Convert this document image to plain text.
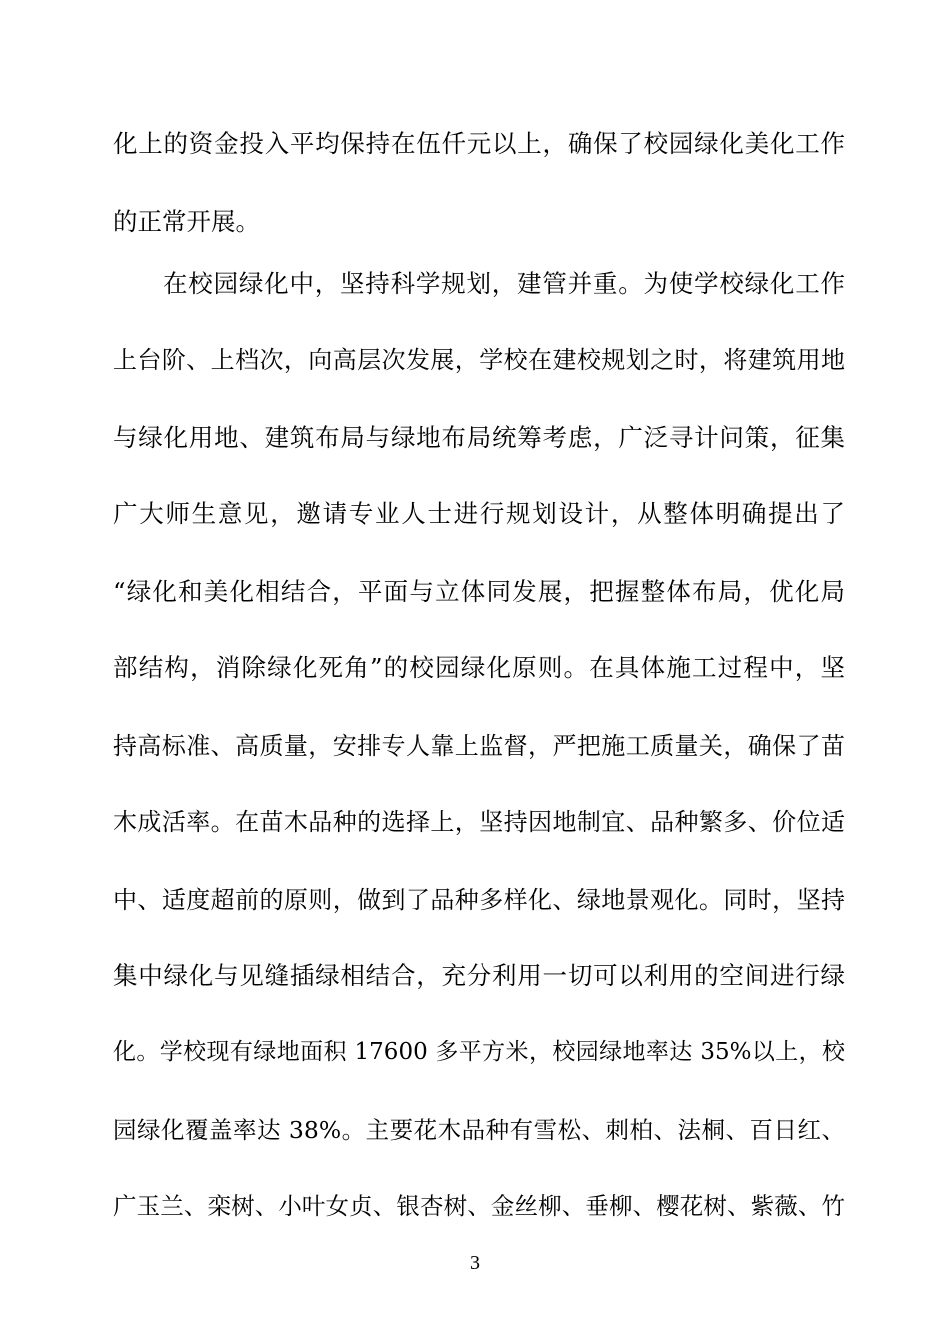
化上的资金投入平均保持在伍仟元以上，确保了校园绿化美化工作
的正常开展。
在校园绿化中，坚持科学规划，建管并重。为使学校绿化工作
上台阶、上档次，向高层次发展，学校在建校规划之时，将建筑用地
与绿化用地、建筑布局与绿地布局统筹考虑，广泛寻计问策，征集
广大师生意见，邀请专业人士进行规划设计，从整体明确提出了
“绿化和美化相结合，平面与立体同发展，把握整体布局，优化局
部结构，消除绿化死角”的校园绿化原则。在具体施工过程中，坚
持高标准、高质量，安排专人靠上监督，严把施工质量关，确保了苗
木成活率。在苗木品种的选择上，坚持因地制宜、品种繁多、价位适
中、适度超前的原则，做到了品种多样化、绿地景观化。同时，坚持
集中绿化与见缝插绿相结合，充分利用一切可以利用的空间进行绿
化。学校现有绿地面积 17600 多平方米，校园绿地率达 35%以上，校
园绿化覆盖率达 38%。主要花木品种有雪松、刺柏、法桐、百日红、
广玉兰、栾树、小叶女贞、银杏树、金丝柳、垂柳、樱花树、紫薇、竹
3
